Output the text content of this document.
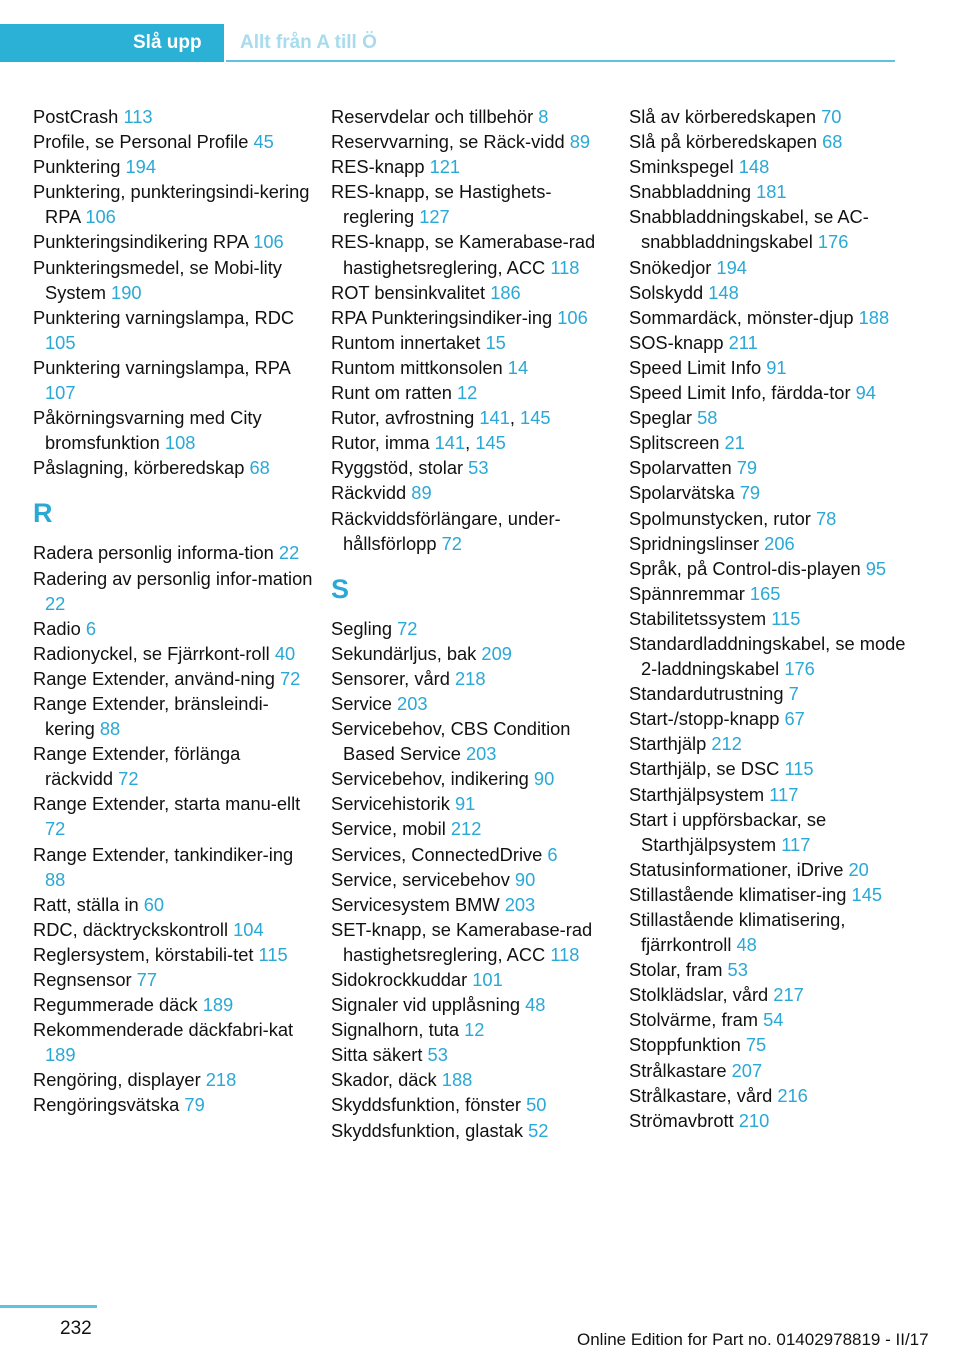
Slå upp Allt från A till Ö
PostCrash 113
Profile, se Personal Profile 45
Punktering 194
Punktering, punkteringsindi‐kering RPA 106
Punkteringsindikering RPA 106
Punkteringsmedel, se Mobi‐lity System 190
Punktering varningslampa, RDC 105
Punktering varningslampa, RPA 107
Påkörningsvarning med City bromsfunktion 108
Påslagning, körberedskap 68
R
Radera personlig informa‐tion 22
Radering av personlig infor‐mation 22
Radio 6
Radionyckel, se Fjärrkont‐roll 40
Range Extender, använd‐ning 72
Range Extender, bränsleindi‐kering 88
Range Extender, förlänga räckvidd 72
Range Extender, starta manu‐ellt 72
Range Extender, tankindiker‐ing 88
Ratt, ställa in 60
RDC, däcktryckskontroll 104
Reglersystem, körstabili‐tet 115
Regnsensor 77
Regummerade däck 189
Rekommenderade däckfabri‐kat 189
Rengöring, displayer 218
Rengöringsvätska 79
Reservdelar och tillbehör 8
Reservvarning, se Räck‐vidd 89
RES-knapp 121
RES-knapp, se Hastighets‐reglering 127
RES-knapp, se Kamerabase‐rad hastighetsreglering, ACC 118
ROT bensinkvalitet 186
RPA Punkteringsindiker‐ing 106
Runtom innertaket 15
Runtom mittkonsolen 14
Runt om ratten 12
Rutor, avfrostning 141, 145
Rutor, imma 141, 145
Ryggstöd, stolar 53
Räckvidd 89
Räckviddsförlängare, under‐hållsförlopp 72
S
Segling 72
Sekundärljus, bak 209
Sensorer, vård 218
Service 203
Servicebehov, CBS Condition Based Service 203
Servicebehov, indikering 90
Servicehistorik 91
Service, mobil 212
Services, ConnectedDrive 6
Service, servicebehov 90
Servicesystem BMW 203
SET-knapp, se Kamerabase‐rad hastighetsreglering, ACC 118
Sidokrockkuddar 101
Signaler vid upplåsning 48
Signalhorn, tuta 12
Sitta säkert 53
Skador, däck 188
Skyddsfunktion, fönster 50
Skyddsfunktion, glastak 52
Slå av körberedskapen 70
Slå på körberedskapen 68
Sminkspegel 148
Snabbladdning 181
Snabbladdningskabel, se AC-snabbladdningskabel 176
Snökedjor 194
Solskydd 148
Sommardäck, mönster‐djup 188
SOS-knapp 211
Speed Limit Info 91
Speed Limit Info, färdda‐tor 94
Speglar 58
Splitscreen 21
Spolarvatten 79
Spolarvätska 79
Spolmunstycken, rutor 78
Spridningslinser 206
Språk, på Control-dis‐playen 95
Spännremmar 165
Stabilitetssystem 115
Standardladdningskabel, se mode 2-laddningskabel 176
Standardutrustning 7
Start-/stopp-knapp 67
Starthjälp 212
Starthjälp, se DSC 115
Starthjälpsystem 117
Start i uppförsbackar, se Starthjälpsystem 117
Statusinformationer, iDrive 20
Stillastående klimatiser‐ing 145
Stillastående klimatisering, fjärrkontroll 48
Stolar, fram 53
Stolklädslar, vård 217
Stolvärme, fram 54
Stoppfunktion 75
Strålkastare 207
Strålkastare, vård 216
Strömavbrott 210
232
Online Edition for Part no. 01402978819 - II/17
